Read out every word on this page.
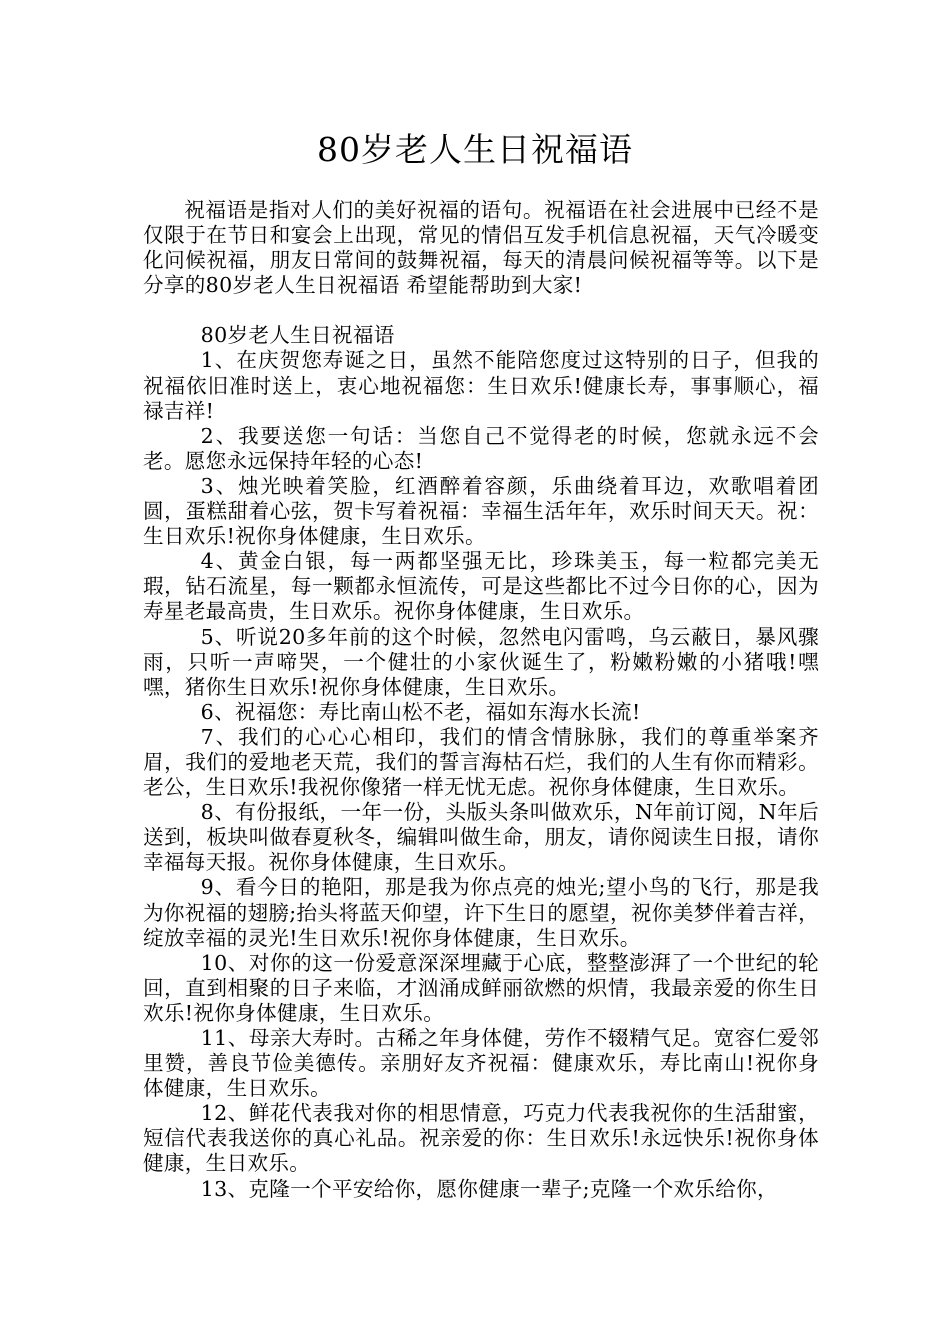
80岁老人生日祝福语

祝福语是指对人们的美好祝福的语句。祝福语在社会进展中已经不是仅限于在节日和宴会上出现，常见的情侣互发手机信息祝福，天气冷暖变化问候祝福，朋友日常间的鼓舞祝福，每天的清晨问候祝福等等。以下是分享的80岁老人生日祝福语 希望能帮助到大家!

80岁老人生日祝福语

1、在庆贺您寿诞之日，虽然不能陪您度过这特别的日子，但我的祝福依旧准时送上，衷心地祝福您：生日欢乐!健康长寿，事事顺心，福禄吉祥!

2、我要送您一句话：当您自己不觉得老的时候，您就永远不会老。愿您永远保持年轻的心态!

3、烛光映着笑脸，红酒醉着容颜，乐曲绕着耳边，欢歌唱着团圆，蛋糕甜着心弦，贺卡写着祝福：幸福生活年年，欢乐时间天天。祝：生日欢乐!祝你身体健康，生日欢乐。

4、黄金白银，每一两都坚强无比，珍珠美玉，每一粒都完美无瑕，钻石流星，每一颗都永恒流传，可是这些都比不过今日你的心，因为寿星老最高贵，生日欢乐。祝你身体健康，生日欢乐。

5、听说20多年前的这个时候，忽然电闪雷鸣，乌云蔽日，暴风骤雨，只听一声啼哭，一个健壮的小家伙诞生了，粉嫩粉嫩的小猪哦!嘿嘿，猪你生日欢乐!祝你身体健康，生日欢乐。

6、祝福您：寿比南山松不老，福如东海水长流!

7、我们的心心心相印，我们的情含情脉脉，我们的尊重举案齐眉，我们的爱地老天荒，我们的誓言海枯石烂，我们的人生有你而精彩。老公，生日欢乐!我祝你像猪一样无忧无虑。祝你身体健康，生日欢乐。

8、有份报纸，一年一份，头版头条叫做欢乐，N年前订阅，N年后送到，板块叫做春夏秋冬，编辑叫做生命，朋友，请你阅读生日报，请你幸福每天报。祝你身体健康，生日欢乐。

9、看今日的艳阳，那是我为你点亮的烛光;望小鸟的飞行，那是我为你祝福的翅膀;抬头将蓝天仰望，许下生日的愿望，祝你美梦伴着吉祥，绽放幸福的灵光!生日欢乐!祝你身体健康，生日欢乐。

10、对你的这一份爱意深深埋藏于心底，整整澎湃了一个世纪的轮回，直到相聚的日子来临，才汹涌成鲜丽欲燃的炽情，我最亲爱的你生日欢乐!祝你身体健康，生日欢乐。

11、母亲大寿时。古稀之年身体健，劳作不辍精气足。宽容仁爱邻里赞，善良节俭美德传。亲朋好友齐祝福：健康欢乐，寿比南山!祝你身体健康，生日欢乐。

12、鲜花代表我对你的相思情意，巧克力代表我祝你的生活甜蜜，短信代表我送你的真心礼品。祝亲爱的你：生日欢乐!永远快乐!祝你身体健康，生日欢乐。

13、克隆一个平安给你，愿你健康一辈子;克隆一个欢乐给你，
